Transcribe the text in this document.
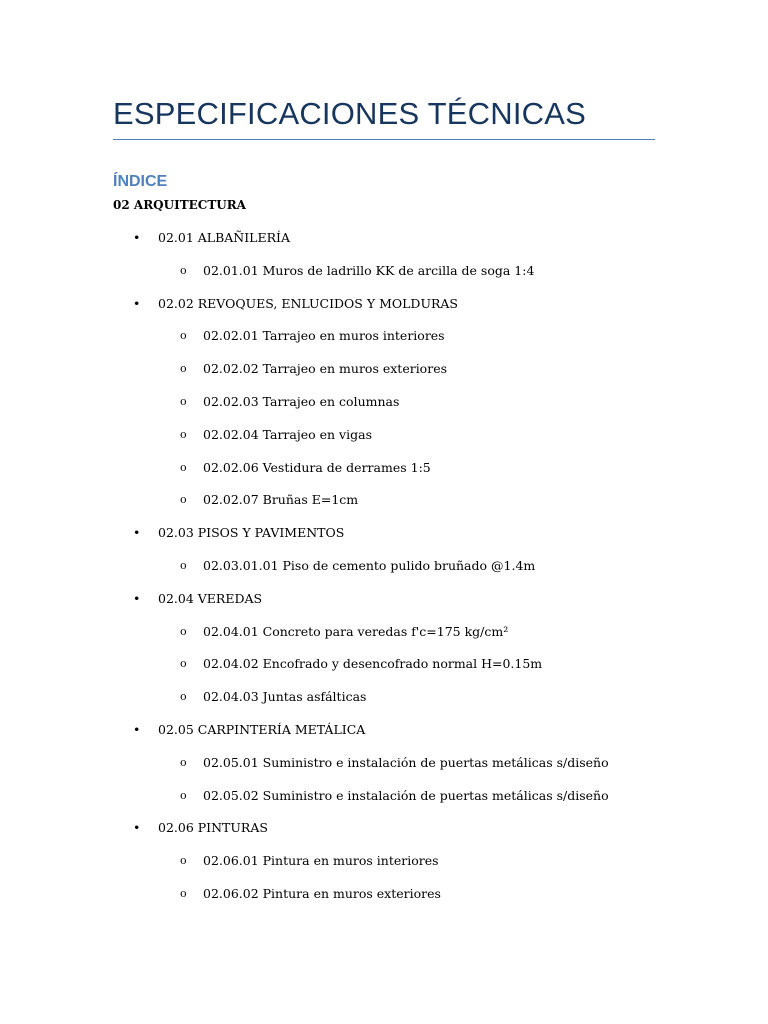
ESPECIFICACIONES TÉCNICAS
ÍNDICE
02 ARQUITECTURA
• 02.01 ALBAÑILERÍA
o 02.01.01 Muros de ladrillo KK de arcilla de soga 1:4
• 02.02 REVOQUES, ENLUCIDOS Y MOLDURAS
o 02.02.01 Tarrajeo en muros interiores
o 02.02.02 Tarrajeo en muros exteriores
o 02.02.03 Tarrajeo en columnas
o 02.02.04 Tarrajeo en vigas
o 02.02.06 Vestidura de derrames 1:5
o 02.02.07 Bruñas E=1cm
• 02.03 PISOS Y PAVIMENTOS
o 02.03.01.01 Piso de cemento pulido bruñado @1.4m
• 02.04 VEREDAS
o 02.04.01 Concreto para veredas f'c=175 kg/cm²
o 02.04.02 Encofrado y desencofrado normal H=0.15m
o 02.04.03 Juntas asfálticas
• 02.05 CARPINTERÍA METÁLICA
o 02.05.01 Suministro e instalación de puertas metálicas s/diseño
o 02.05.02 Suministro e instalación de puertas metálicas s/diseño
• 02.06 PINTURAS
o 02.06.01 Pintura en muros interiores
o 02.06.02 Pintura en muros exteriores
